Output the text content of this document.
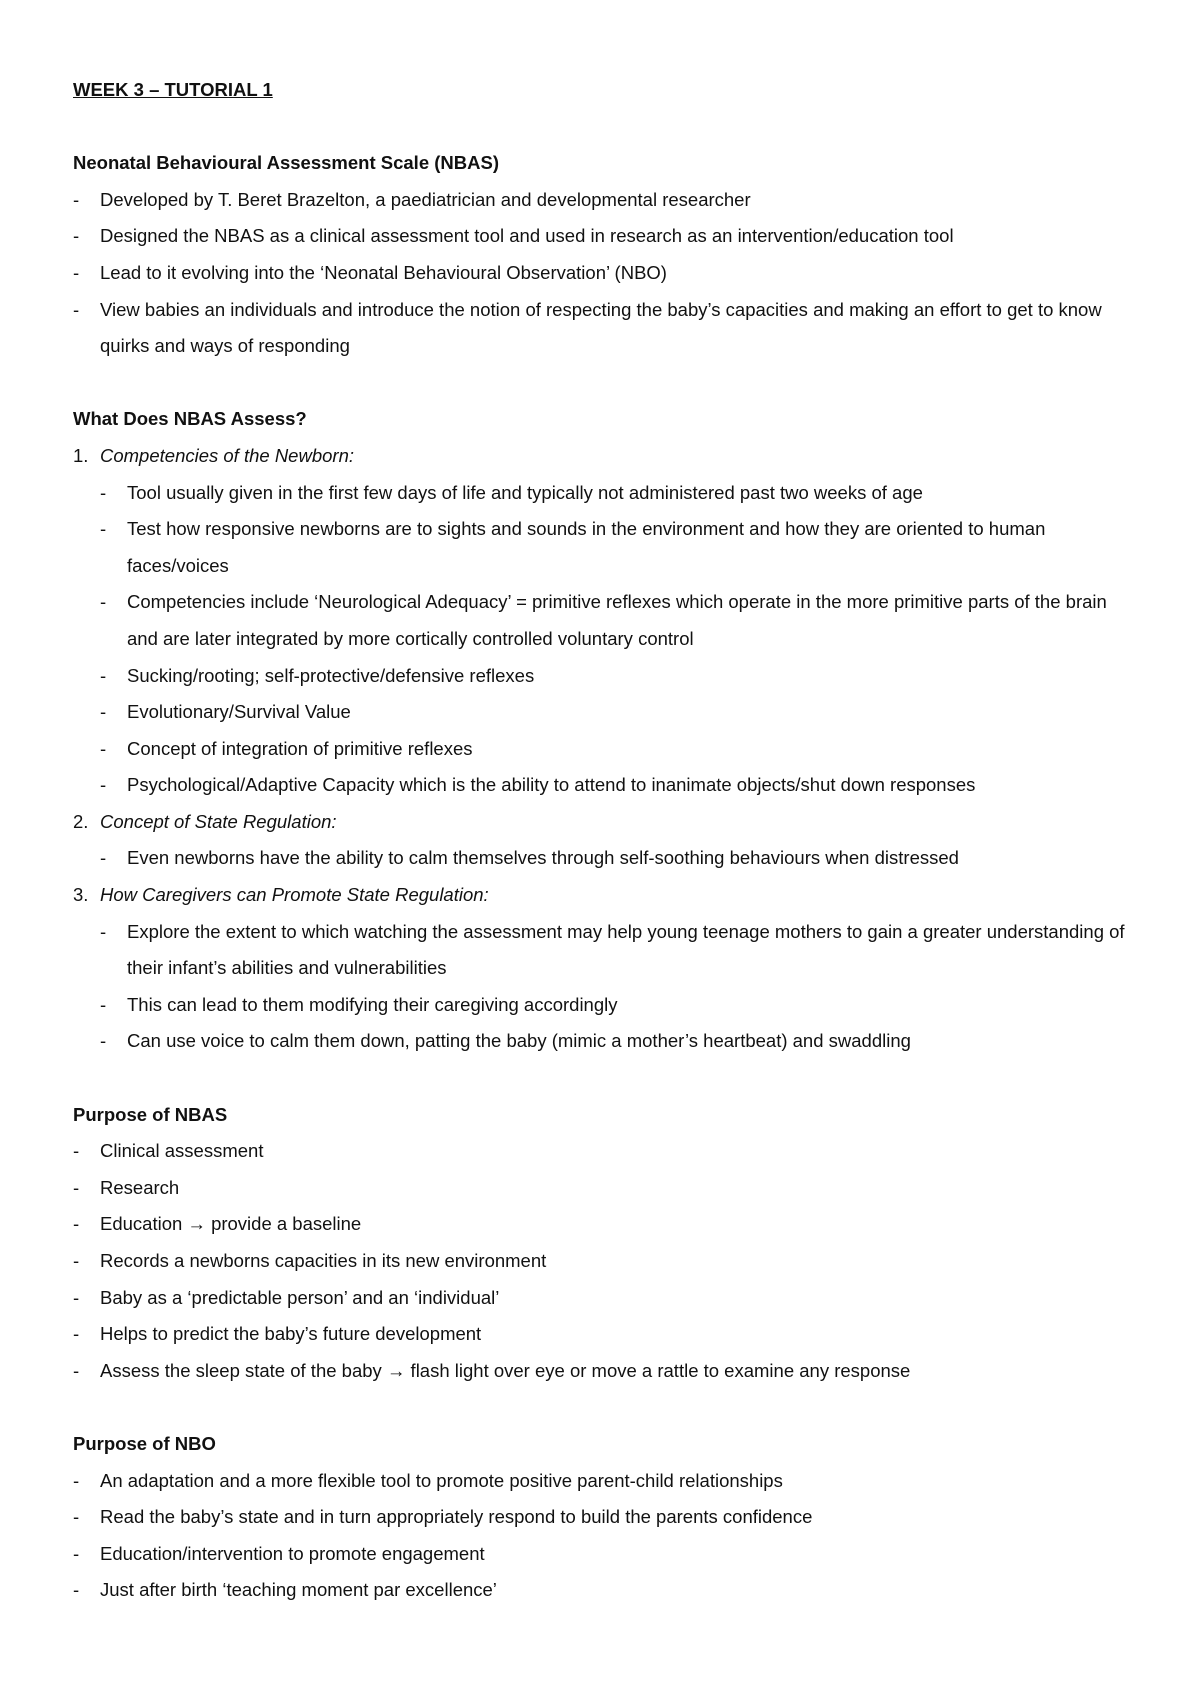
WEEK 3 – TUTORIAL 1
Neonatal Behavioural Assessment Scale (NBAS)
- Developed by T. Beret Brazelton, a paediatrician and developmental researcher
- Designed the NBAS as a clinical assessment tool and used in research as an intervention/education tool
- Lead to it evolving into the ‘Neonatal Behavioural Observation’ (NBO)
- View babies an individuals and introduce the notion of respecting the baby’s capacities and making an effort to get to know quirks and ways of responding
What Does NBAS Assess?
1. Competencies of the Newborn:
- Tool usually given in the first few days of life and typically not administered past two weeks of age
- Test how responsive newborns are to sights and sounds in the environment and how they are oriented to human faces/voices
- Competencies include ‘Neurological Adequacy’ = primitive reflexes which operate in the more primitive parts of the brain and are later integrated by more cortically controlled voluntary control
- Sucking/rooting; self-protective/defensive reflexes
- Evolutionary/Survival Value
- Concept of integration of primitive reflexes
- Psychological/Adaptive Capacity which is the ability to attend to inanimate objects/shut down responses
2. Concept of State Regulation:
- Even newborns have the ability to calm themselves through self-soothing behaviours when distressed
3. How Caregivers can Promote State Regulation:
- Explore the extent to which watching the assessment may help young teenage mothers to gain a greater understanding of their infant’s abilities and vulnerabilities
- This can lead to them modifying their caregiving accordingly
- Can use voice to calm them down, patting the baby (mimic a mother’s heartbeat) and swaddling
Purpose of NBAS
- Clinical assessment
- Research
- Education → provide a baseline
- Records a newborns capacities in its new environment
- Baby as a ‘predictable person’ and an ‘individual’
- Helps to predict the baby’s future development
- Assess the sleep state of the baby → flash light over eye or move a rattle to examine any response
Purpose of NBO
- An adaptation and a more flexible tool to promote positive parent-child relationships
- Read the baby’s state and in turn appropriately respond to build the parents confidence
- Education/intervention to promote engagement
- Just after birth ‘teaching moment par excellence’
